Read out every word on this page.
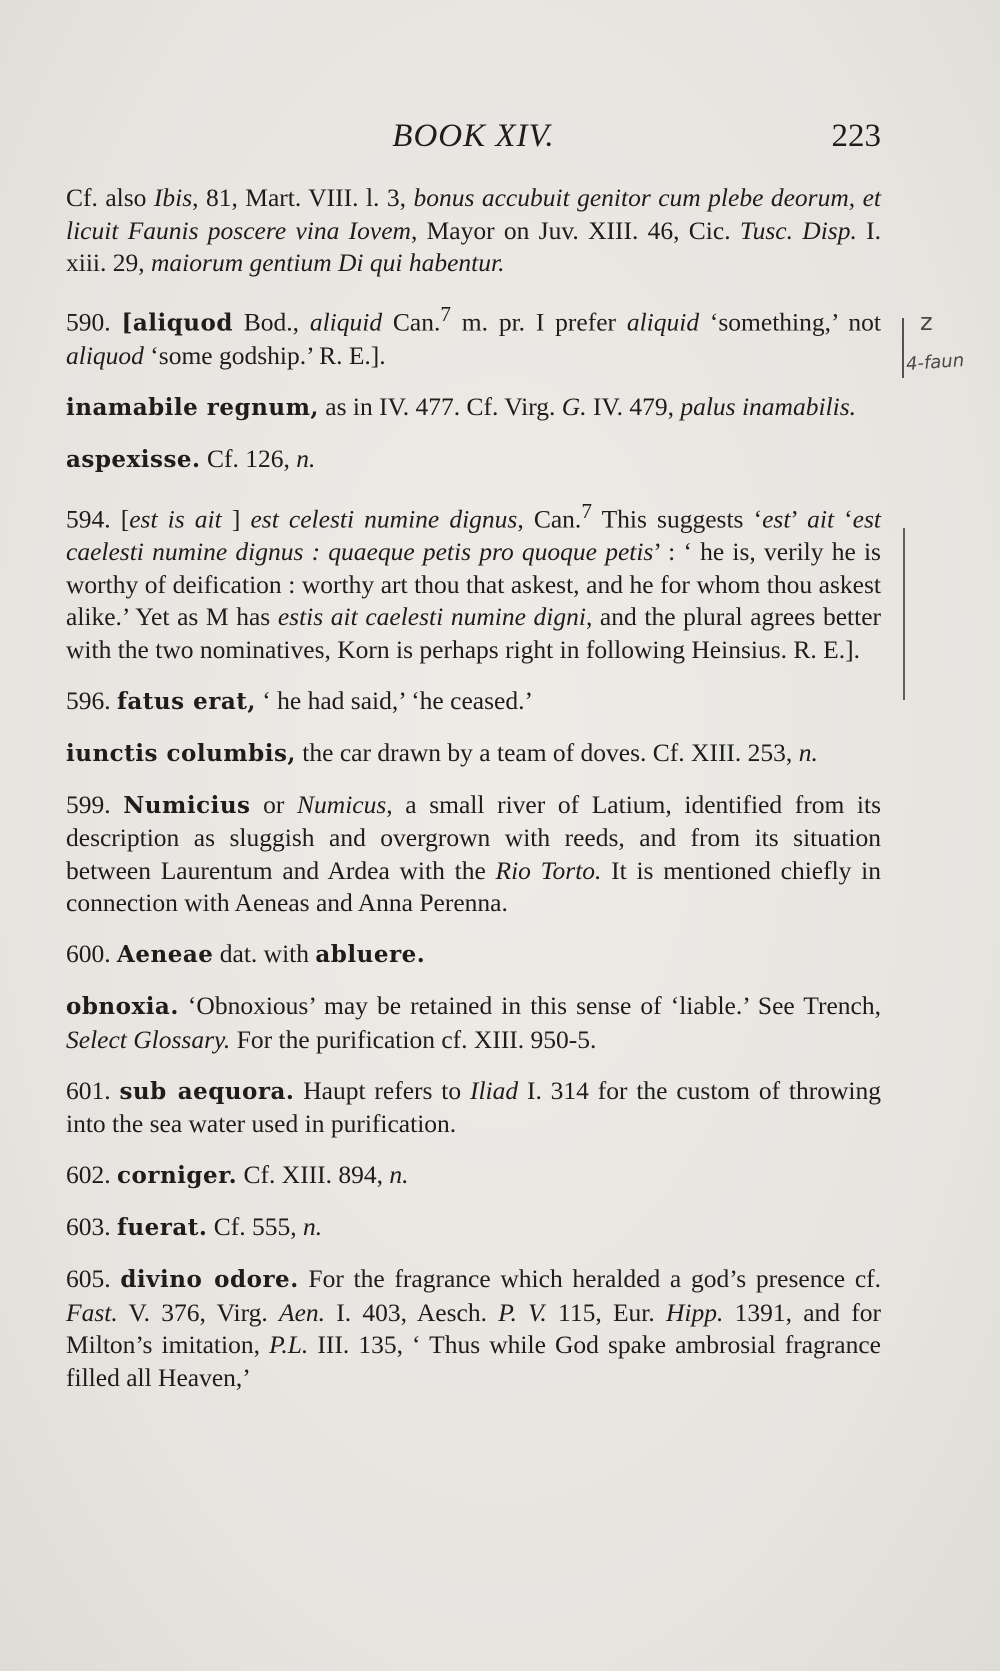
BOOK XIV.	223

Cf. also Ibis, 81, Mart. VIII. l. 3, bonus accubuit genitor cum plebe deorum, et licuit Faunis poscere vina Iovem, Mayor on Juv. XIII. 46, Cic. Tusc. Disp. I. xiii. 29, maiorum gentium Di qui habentur.

590. [aliquod Bod., aliquid Can.$^7$ m. pr. I prefer aliquid ‘something,’ not aliquod ‘some godship.’ R. E.].

inamabile regnum, as in IV. 477. Cf. Virg. G. IV. 479, palus inamabilis.

aspexisse. Cf. 126, n.

594. [est is ait ] est celesti numine dignus, Can.$^7$ This suggests ‘est’ ait ‘est caelesti numine dignus : quaeque petis pro quoque petis’ : ‘ he is, verily he is worthy of deification : worthy art thou that askest, and he for whom thou askest alike.’ Yet as M has estis ait caelesti numine digni, and the plural agrees better with the two nominatives, Korn is perhaps right in following Heinsius. R. E.].

596. fatus erat, ‘ he had said,’ ‘he ceased.’

iunctis columbis, the car drawn by a team of doves. Cf. XIII. 253, n.

599. Numicius or Numicus, a small river of Latium, identified from its description as sluggish and overgrown with reeds, and from its situation between Laurentum and Ardea with the Rio Torto. It is mentioned chiefly in connection with Aeneas and Anna Perenna.

600. Aeneae dat. with abluere.

obnoxia. ‘Obnoxious’ may be retained in this sense of ‘liable.’ See Trench, Select Glossary. For the purification cf. XIII. 950-5.

601. sub aequora. Haupt refers to Iliad I. 314 for the custom of throwing into the sea water used in purification.

602. corniger. Cf. XIII. 894, n.

603. fuerat. Cf. 555, n.

605. divino odore. For the fragrance which heralded a god’s presence cf. Fast. V. 376, Virg. Aen. I. 403, Aesch. P. V. 115, Eur. Hipp. 1391, and for Milton’s imitation, P.L. III. 135, ‘ Thus while God spake ambrosial fragrance filled all Heaven,’

z
4-faun
